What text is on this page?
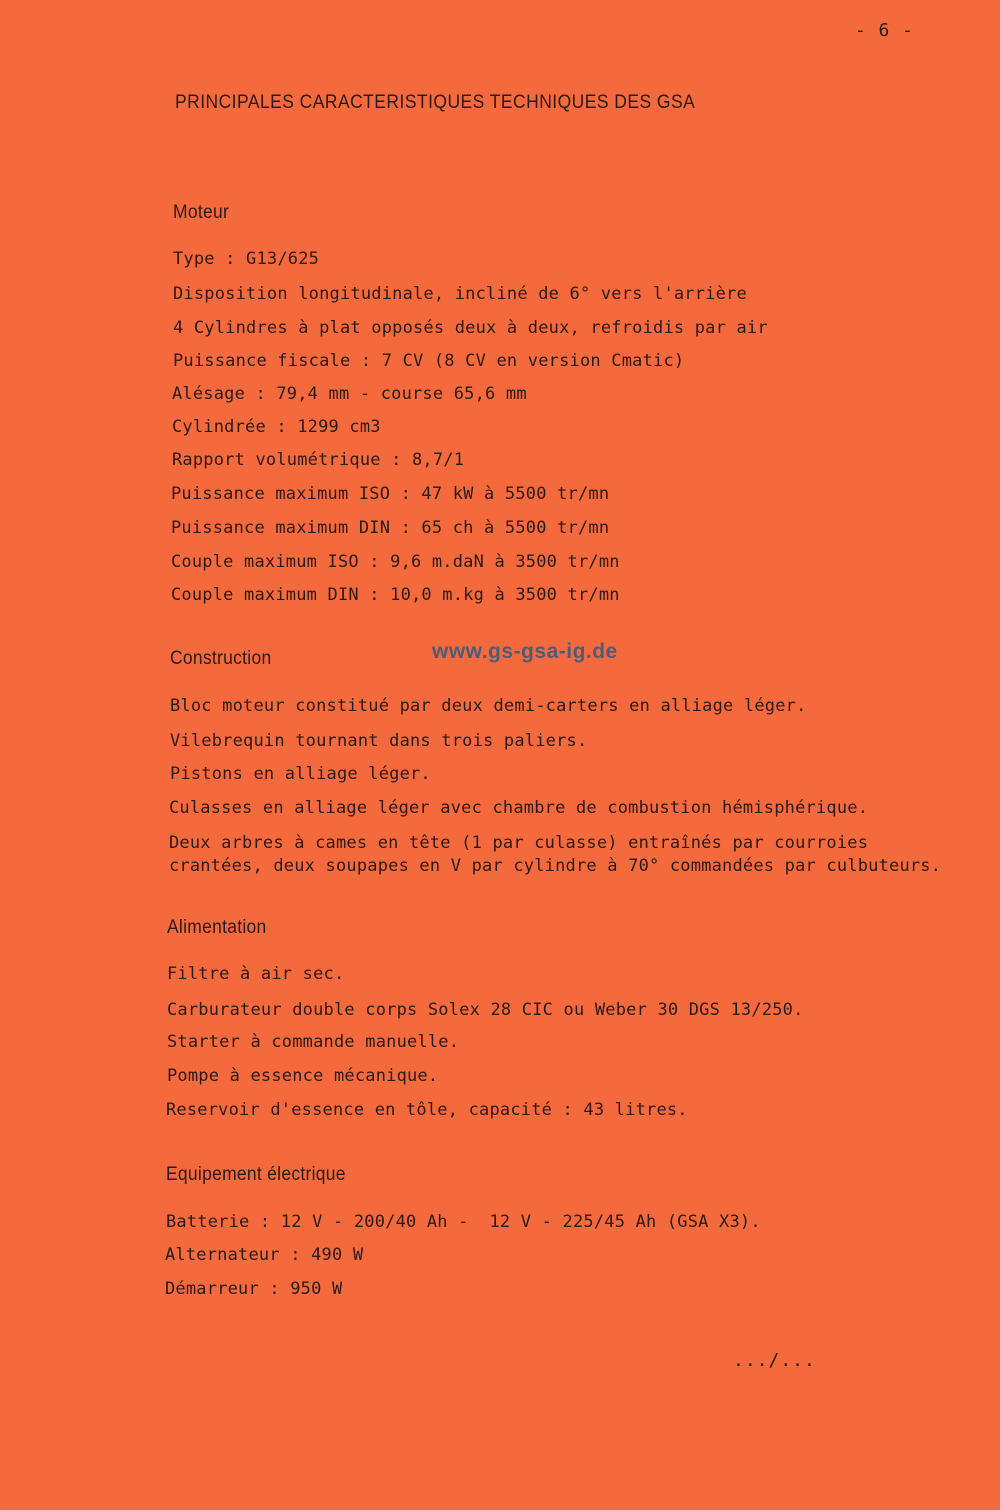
- 6 -
PRINCIPALES CARACTERISTIQUES TECHNIQUES DES GSA
Moteur
Type : G13/625
Disposition longitudinale, incliné de 6° vers l'arrière
4 Cylindres à plat opposés deux à deux, refroidis par air
Puissance fiscale : 7 CV (8 CV en version Cmatic)
Alésage : 79,4 mm - course 65,6 mm
Cylindrée : 1299 cm3
Rapport volumétrique : 8,7/1
Puissance maximum ISO : 47 kW à 5500 tr/mn
Puissance maximum DIN : 65 ch à 5500 tr/mn
Couple maximum ISO : 9,6 m.daN à 3500 tr/mn
Couple maximum DIN : 10,0 m.kg à 3500 tr/mn
Construction	www.gs-gsa-ig.de
Bloc moteur constitué par deux demi-carters en alliage léger.
Vilebrequin tournant dans trois paliers.
Pistons en alliage léger.
Culasses en alliage léger avec chambre de combustion hémisphérique.
Deux arbres à cames en tête (1 par culasse) entraînés par courroies
crantées, deux soupapes en V par cylindre à 70° commandées par culbuteurs.
Alimentation
Filtre à air sec.
Carburateur double corps Solex 28 CIC ou Weber 30 DGS 13/250.
Starter à commande manuelle.
Pompe à essence mécanique.
Reservoir d'essence en tôle, capacité : 43 litres.
Equipement électrique
Batterie : 12 V - 200/40 Ah -  12 V - 225/45 Ah (GSA X3).
Alternateur : 490 W
Démarreur : 950 W
.../...
